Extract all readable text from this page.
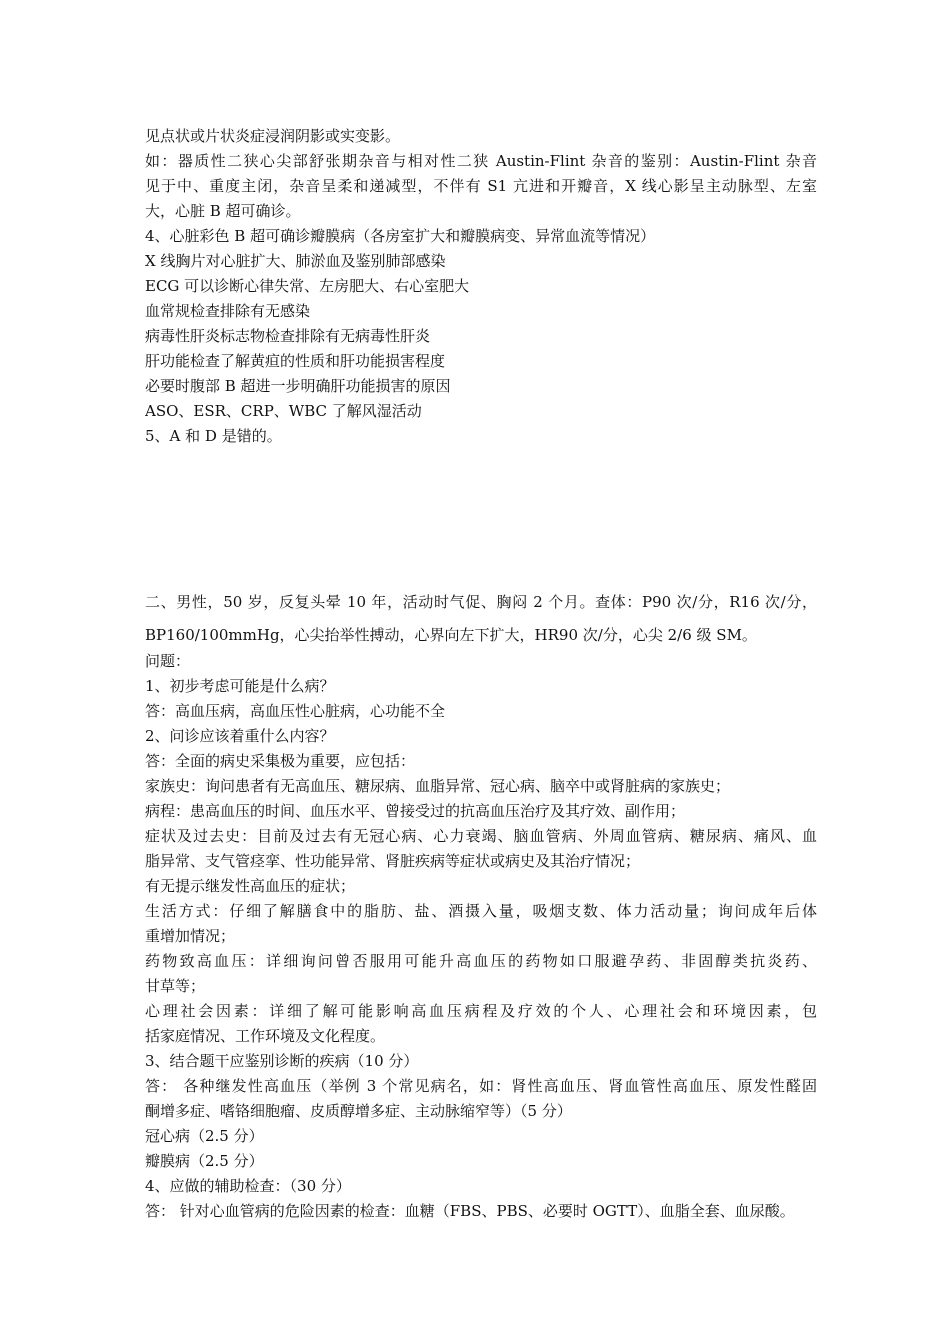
见点状或片状炎症浸润阴影或实变影。
如：器质性二狭心尖部舒张期杂音与相对性二狭 Austin-Flint 杂音的鉴别：Austin-Flint 杂音
见于中、重度主闭，杂音呈柔和递减型，不伴有 S1 亢进和开瓣音，X 线心影呈主动脉型、左室
大，心脏 B 超可确诊。
4、心脏彩色 B 超可确诊瓣膜病（各房室扩大和瓣膜病变、异常血流等情况）
X 线胸片对心脏扩大、肺淤血及鉴别肺部感染
ECG 可以诊断心律失常、左房肥大、右心室肥大
血常规检查排除有无感染
病毒性肝炎标志物检查排除有无病毒性肝炎
肝功能检查了解黄疸的性质和肝功能损害程度
必要时腹部 B 超进一步明确肝功能损害的原因
ASO、ESR、CRP、WBC 了解风湿活动
5、A 和 D 是错的。
二、男性，50 岁，反复头晕 10 年，活动时气促、胸闷 2 个月。查体：P90 次/分，R16 次/分，
BP160/100mmHg，心尖抬举性搏动，心界向左下扩大，HR90 次/分，心尖 2/6 级 SM。
问题：
1、初步考虑可能是什么病？
答：高血压病，高血压性心脏病，心功能不全
2、问诊应该着重什么内容？
答：全面的病史采集极为重要，应包括：
家族史：询问患者有无高血压、糖尿病、血脂异常、冠心病、脑卒中或肾脏病的家族史；
病程：患高血压的时间、血压水平、曾接受过的抗高血压治疗及其疗效、副作用；
症状及过去史：目前及过去有无冠心病、心力衰竭、脑血管病、外周血管病、糖尿病、痛风、血
脂异常、支气管痉挛、性功能异常、肾脏疾病等症状或病史及其治疗情况；
有无提示继发性高血压的症状；
生活方式：仔细了解膳食中的脂肪、盐、酒摄入量，吸烟支数、体力活动量；询问成年后体
重增加情况；
药物致高血压：详细询问曾否服用可能升高血压的药物如口服避孕药、非固醇类抗炎药、
甘草等；
心理社会因素：详细了解可能影响高血压病程及疗效的个人、心理社会和环境因素，包
括家庭情况、工作环境及文化程度。
3、结合题干应鉴别诊断的疾病（10 分）
答： 各种继发性高血压（举例 3 个常见病名，如：肾性高血压、肾血管性高血压、原发性醛固
酮增多症、嗜铬细胞瘤、皮质醇增多症、主动脉缩窄等）（5 分）
冠心病（2.5 分）
瓣膜病（2.5 分）
4、应做的辅助检查：（30 分）
答： 针对心血管病的危险因素的检查：血糖（FBS、PBS、必要时 OGTT）、血脂全套、血尿酸。
